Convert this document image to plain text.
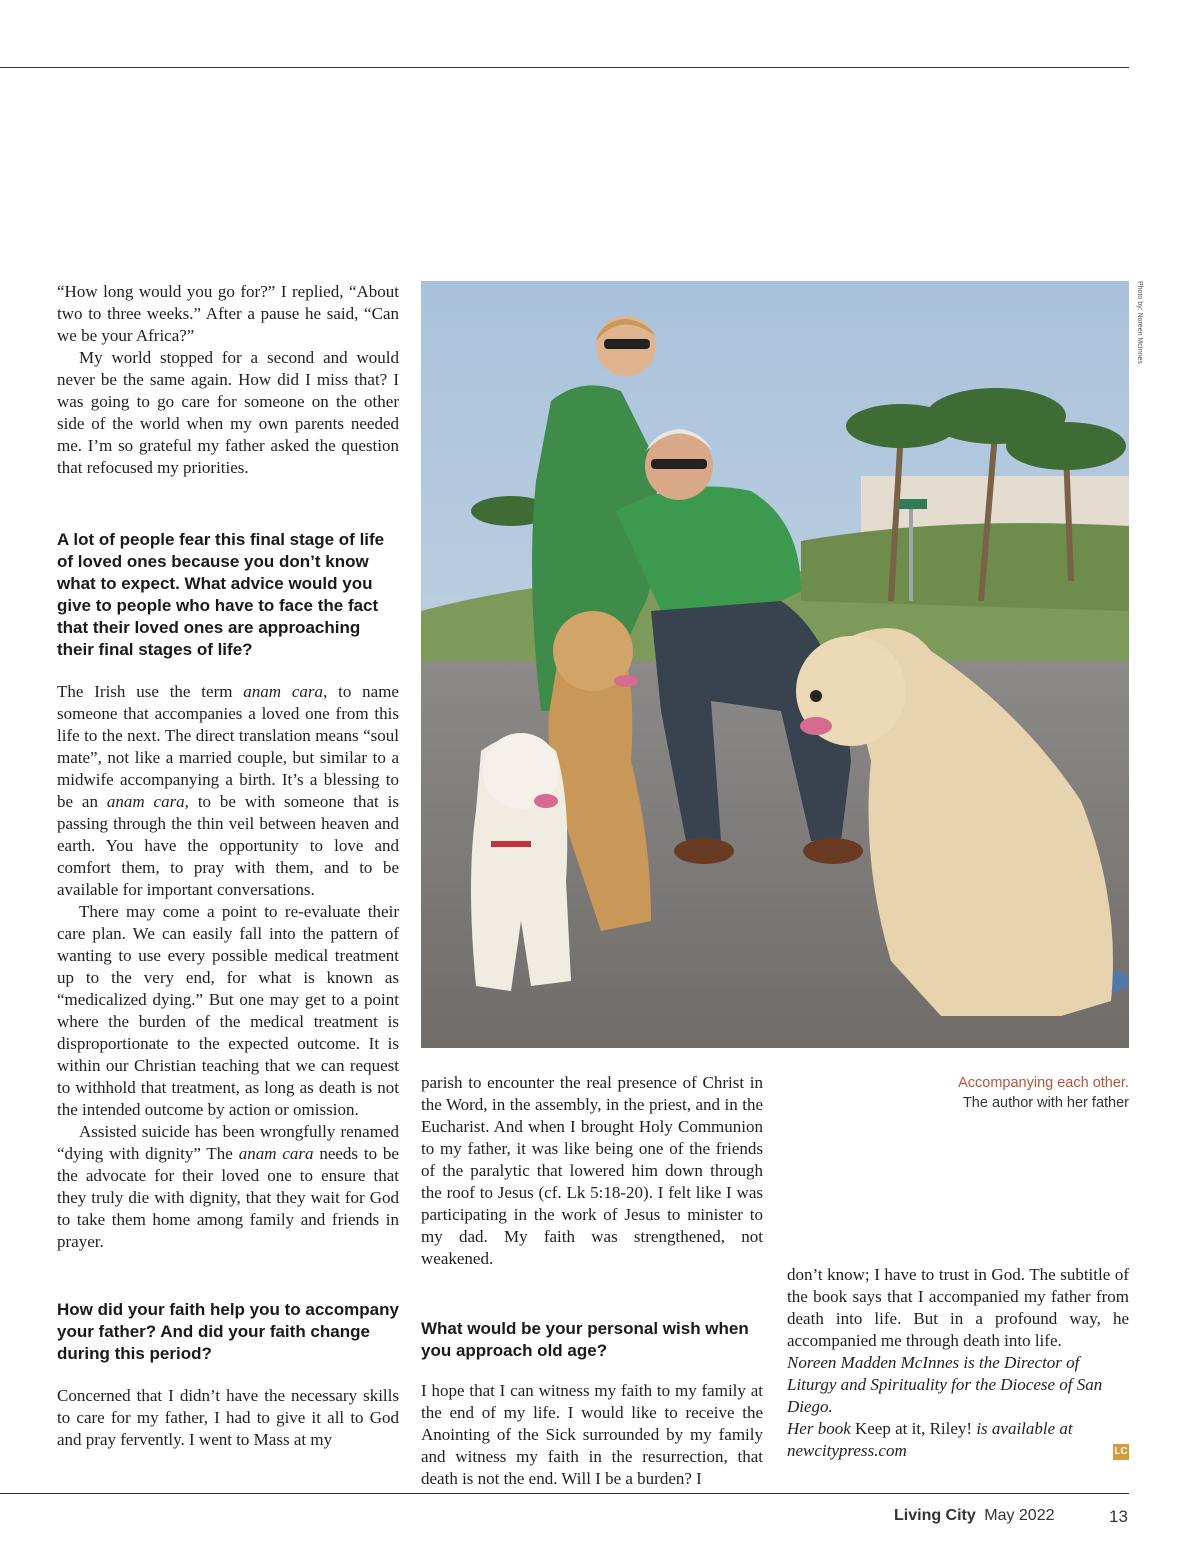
“How long would you go for?” I replied, “About two to three weeks.” After a pause he said, “Can we be your Africa?”

My world stopped for a second and would never be the same again. How did I miss that? I was going to go care for someone on the other side of the world when my own parents needed me. I’m so grateful my father asked the question that refocused my priorities.

A lot of people fear this final stage of life of loved ones because you don’t know what to expect. What advice would you give to people who have to face the fact that their loved ones are approaching their final stages of life?

The Irish use the term anam cara, to name someone that accompanies a loved one from this life to the next. The direct translation means “soul mate”, not like a married couple, but similar to a midwife accompanying a birth. It’s a blessing to be an anam cara, to be with someone that is passing through the thin veil between heaven and earth. You have the opportunity to love and comfort them, to pray with them, and to be available for important conversations.

There may come a point to re-evaluate their care plan. We can easily fall into the pattern of wanting to use every possible medical treatment up to the very end, for what is known as “medicalized dying.” But one may get to a point where the burden of the medical treatment is disproportionate to the expected outcome. It is within our Christian teaching that we can request to withhold that treatment, as long as death is not the intended outcome by action or omission.

Assisted suicide has been wrongfully renamed “dying with dignity” The anam cara needs to be the advocate for their loved one to ensure that they truly die with dignity, that they wait for God to take them home among family and friends in prayer.

How did your faith help you to accompany your father? And did your faith change during this period?

Concerned that I didn’t have the necessary skills to care for my father, I had to give it all to God and pray fervently. I went to Mass at my

Photo by: Noreen McInnes
Accompanying each other.
The author with her father

parish to encounter the real presence of Christ in the Word, in the assembly, in the priest, and in the Eucharist. And when I brought Holy Communion to my father, it was like being one of the friends of the paralytic that lowered him down through the roof to Jesus (cf. Lk 5:18-20). I felt like I was participating in the work of Jesus to minister to my dad. My faith was strengthened, not weakened.

What would be your personal wish when you approach old age?

I hope that I can witness my faith to my family at the end of my life. I would like to receive the Anointing of the Sick surrounded by my family and witness my faith in the resurrection, that death is not the end. Will I be a burden? I

don’t know; I have to trust in God. The subtitle of the book says that I accompanied my father from death into life. But in a profound way, he accompanied me through death into life.

Noreen Madden McInnes is the Director of Liturgy and Spirituality for the Diocese of San Diego.

Her book Keep at it, Riley! is available at newcitypress.com	LC

Living City May 2022	13
